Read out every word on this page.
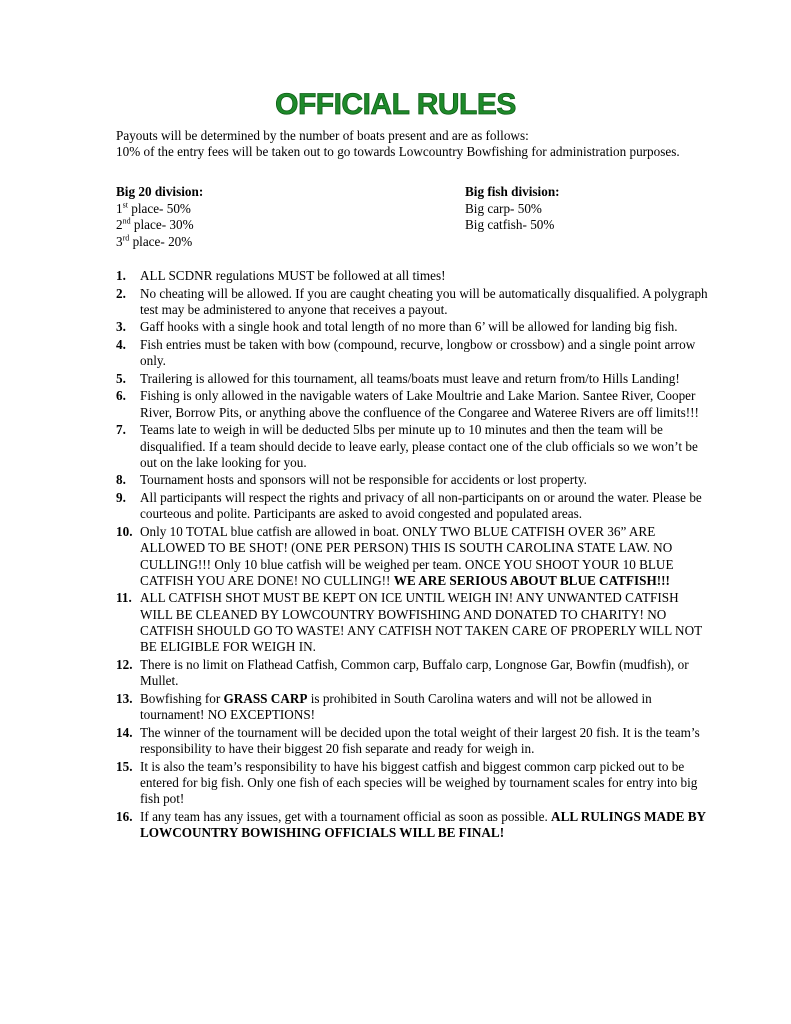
OFFICIAL RULES

Payouts will be determined by the number of boats present and are as follows:

10% of the entry fees will be taken out to go towards Lowcountry Bowfishing for administration purposes.

Big 20 division:
1st place- 50%
2nd place- 30%
3rd place- 20%
Big fish division:
Big carp- 50%
Big catfish- 50%
1. ALL SCDNR regulations MUST be followed at all times!
2. No cheating will be allowed. If you are caught cheating you will be automatically disqualified. A polygraph test may be administered to anyone that receives a payout.
3. Gaff hooks with a single hook and total length of no more than 6’ will be allowed for landing big fish.
4. Fish entries must be taken with bow (compound, recurve, longbow or crossbow) and a single point arrow only.
5. Trailering is allowed for this tournament, all teams/boats must leave and return from/to Hills Landing!
6. Fishing is only allowed in the navigable waters of Lake Moultrie and Lake Marion. Santee River, Cooper River, Borrow Pits, or anything above the confluence of the Congaree and Wateree Rivers are off limits!!!
7. Teams late to weigh in will be deducted 5lbs per minute up to 10 minutes and then the team will be disqualified. If a team should decide to leave early, please contact one of the club officials so we won’t be out on the lake looking for you.
8. Tournament hosts and sponsors will not be responsible for accidents or lost property.
9. All participants will respect the rights and privacy of all non-participants on or around the water. Please be courteous and polite. Participants are asked to avoid congested and populated areas.
10. Only 10 TOTAL blue catfish are allowed in boat. ONLY TWO BLUE CATFISH OVER 36” ARE ALLOWED TO BE SHOT! (ONE PER PERSON) THIS IS SOUTH CAROLINA STATE LAW. NO CULLING!!! Only 10 blue catfish will be weighed per team. ONCE YOU SHOOT YOUR 10 BLUE CATFISH YOU ARE DONE! NO CULLING!! WE ARE SERIOUS ABOUT BLUE CATFISH!!!
11. ALL CATFISH SHOT MUST BE KEPT ON ICE UNTIL WEIGH IN! ANY UNWANTED CATFISH WILL BE CLEANED BY LOWCOUNTRY BOWFISHING AND DONATED TO CHARITY! NO CATFISH SHOULD GO TO WASTE! ANY CATFISH NOT TAKEN CARE OF PROPERLY WILL NOT BE ELIGIBLE FOR WEIGH IN.
12. There is no limit on Flathead Catfish, Common carp, Buffalo carp, Longnose Gar, Bowfin (mudfish), or Mullet.
13. Bowfishing for GRASS CARP is prohibited in South Carolina waters and will not be allowed in tournament! NO EXCEPTIONS!
14. The winner of the tournament will be decided upon the total weight of their largest 20 fish. It is the team’s responsibility to have their biggest 20 fish separate and ready for weigh in.
15. It is also the team’s responsibility to have his biggest catfish and biggest common carp picked out to be entered for big fish. Only one fish of each species will be weighed by tournament scales for entry into big fish pot!
16. If any team has any issues, get with a tournament official as soon as possible. ALL RULINGS MADE BY LOWCOUNTRY BOWISHING OFFICIALS WILL BE FINAL!
